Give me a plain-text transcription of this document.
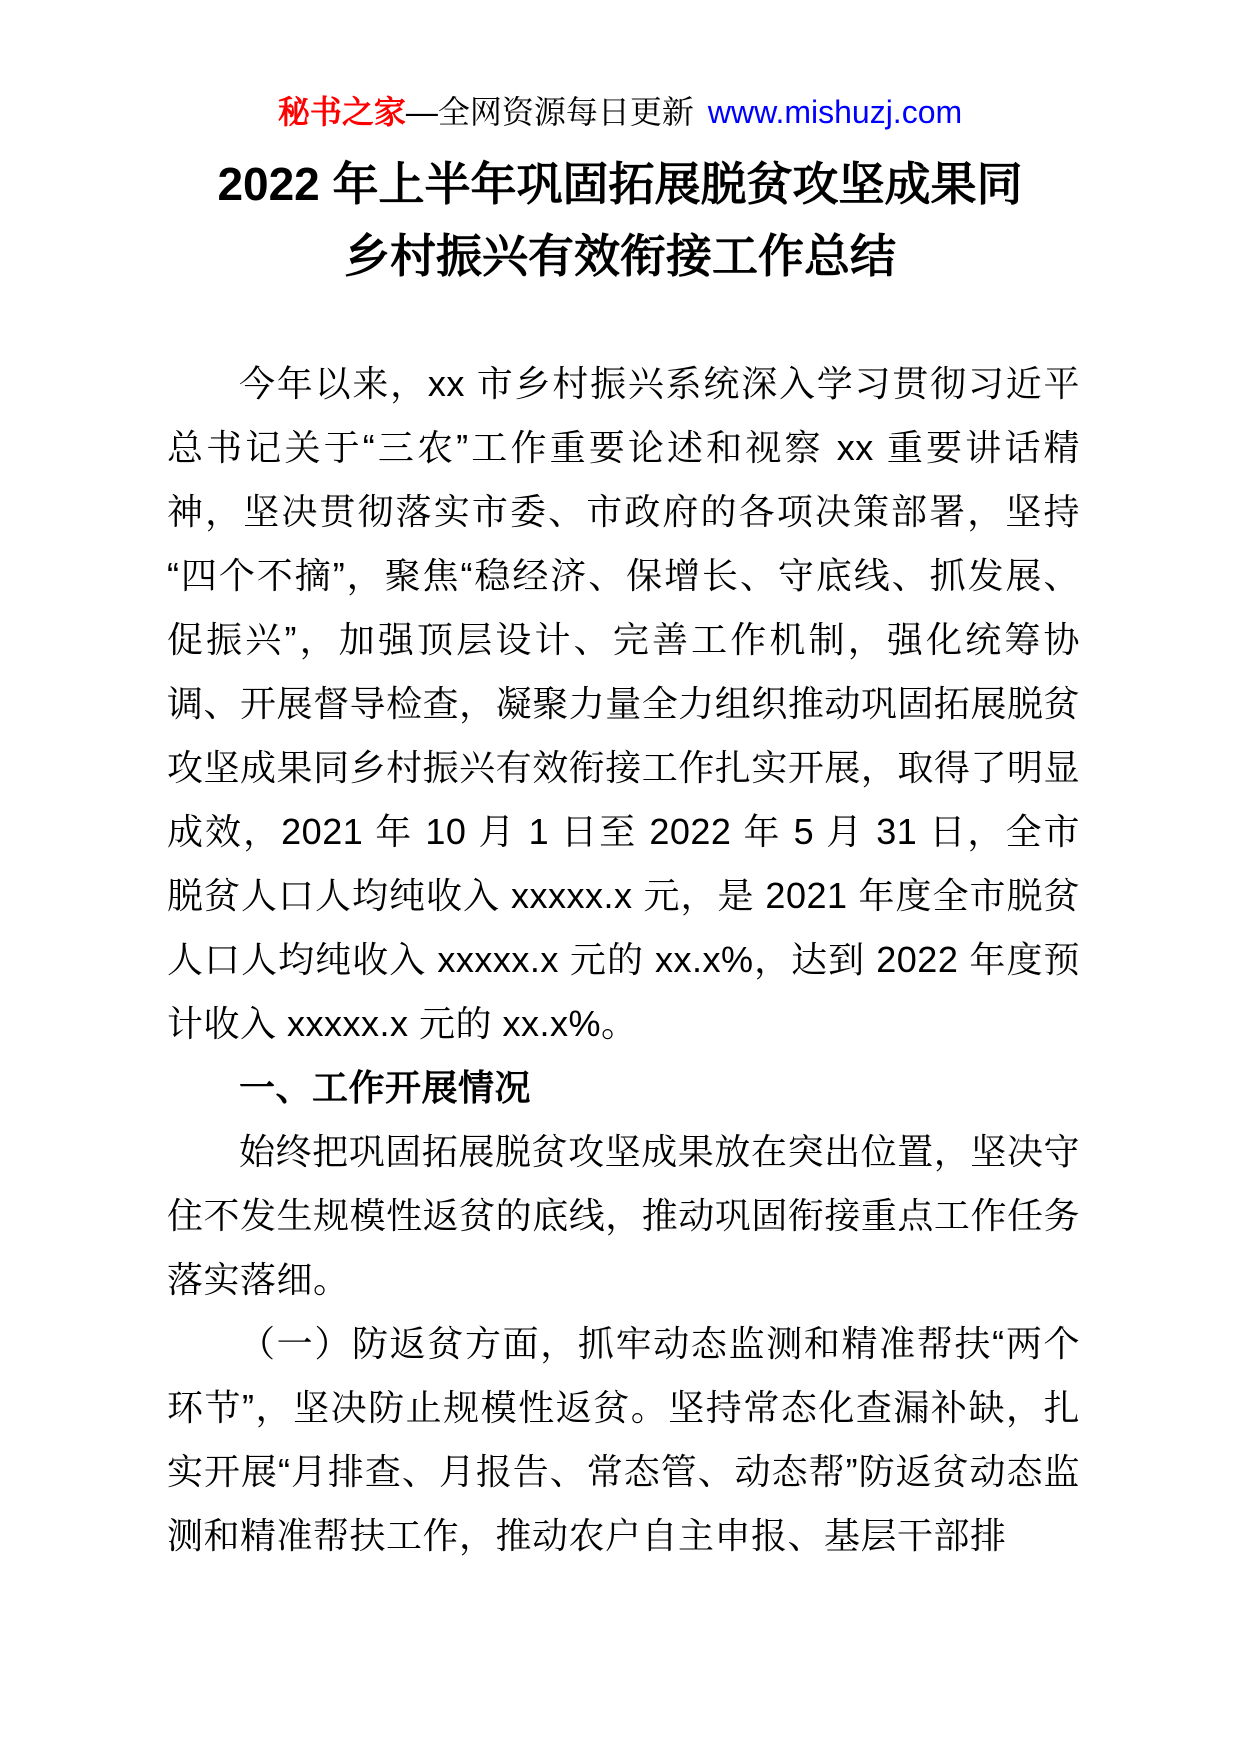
秘书之家—全网资源每日更新 www.mishuzj.com
2022 年上半年巩固拓展脱贫攻坚成果同
乡村振兴有效衔接工作总结

今年以来，xx 市乡村振兴系统深入学习贯彻习近平总书记关于“三农”工作重要论述和视察 xx 重要讲话精神，坚决贯彻落实市委、市政府的各项决策部署，坚持“四个不摘”，聚焦“稳经济、保增长、守底线、抓发展、促振兴”，加强顶层设计、完善工作机制，强化统筹协调、开展督导检查，凝聚力量全力组织推动巩固拓展脱贫攻坚成果同乡村振兴有效衔接工作扎实开展，取得了明显成效，2021 年 10 月 1 日至 2022 年 5 月 31 日，全市脱贫人口人均纯收入 xxxxx.x 元，是 2021 年度全市脱贫人口人均纯收入 xxxxx.x 元的 xx.x%，达到 2022 年度预计收入 xxxxx.x 元的 xx.x%。

一、工作开展情况

始终把巩固拓展脱贫攻坚成果放在突出位置，坚决守住不发生规模性返贫的底线，推动巩固衔接重点工作任务落实落细。

（一）防返贫方面，抓牢动态监测和精准帮扶“两个环节”，坚决防止规模性返贫。坚持常态化查漏补缺，扎实开展“月排查、月报告、常态管、动态帮”防返贫动态监测和精准帮扶工作，推动农户自主申报、基层干部排
